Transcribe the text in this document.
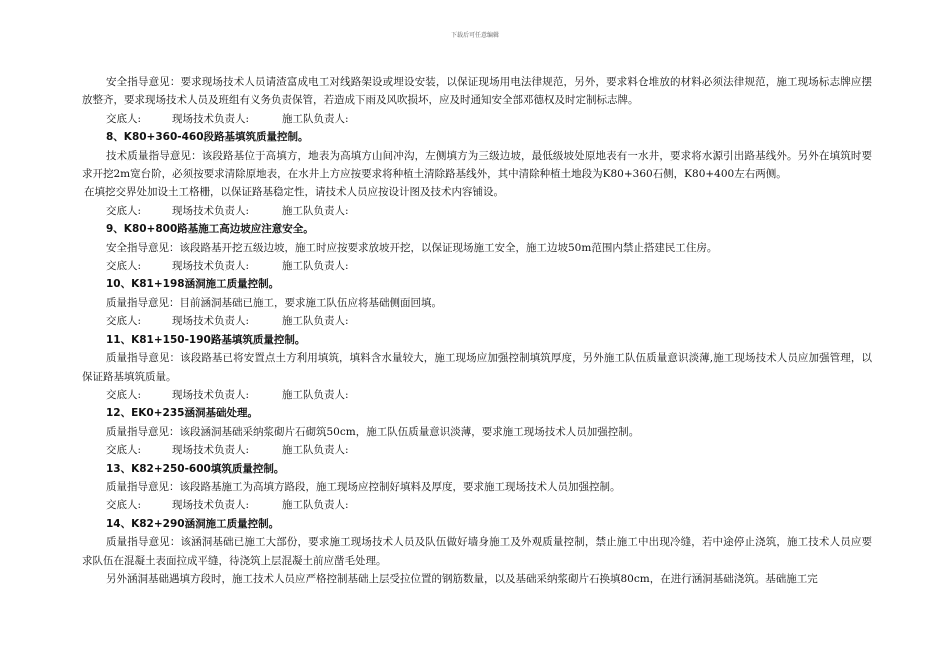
下载后可任意编辑

安全指导意见：要求现场技术人员请渣富成电工对线路架设或埋设安装，以保证现场用电法律规范，另外，要求料仓堆放的材料必须法律规范，施工现场标志牌应摆放整齐，要求现场技术人员及班组有义务负责保管，若造成下雨及风吹损坏，应及时通知安全部邓德权及时定制标志牌。

交底人:	现场技术负责人:	施工队负责人:

8、K80+360-460段路基填筑质量控制。

技术质量指导意见：该段路基位于高填方，地表为高填方山间冲沟，左侧填方为三级边坡，最低级坡处原地表有一水井，要求将水源引出路基线外。另外在填筑时要求开挖2m宽台阶，必须按要求清除原地表，在水井上方应按要求将种植土清除路基线外，其中清除种植土地段为K80+360石侧，K80+400左右两侧。

在填挖交界处加设土工格栅，以保证路基稳定性，请技术人员应按设计图及技术内容铺设。

交底人:	现场技术负责人:	施工队负责人:

9、K80+800路基施工高边坡应注意安全。

安全指导意见：该段路基开挖五级边坡，施工时应按要求放坡开挖，以保证现场施工安全，施工边坡50m范围内禁止搭建民工住房。

交底人:	现场技术负责人:	施工队负责人:

10、K81+198涵洞施工质量控制。

质量指导意见：目前涵洞基础已施工，要求施工队伍应将基础侧面回填。

交底人:	现场技术负责人:	施工队负责人:

11、K81+150-190路基填筑质量控制。

质量指导意见：该段路基已将安置点土方利用填筑，填料含水量较大，施工现场应加强控制填筑厚度，另外施工队伍质量意识淡薄,施工现场技术人员应加强管理，以保证路基填筑质量。

交底人:	现场技术负责人:	施工队负责人:

12、EK0+235涵洞基础处理。

质量指导意见：该段涵洞基础采纳浆砌片石砌筑50cm，施工队伍质量意识淡薄，要求施工现场技术人员加强控制。

交底人:	现场技术负责人:	施工队负责人:

13、K82+250-600填筑质量控制。

质量指导意见：该段路基施工为高填方路段，施工现场应控制好填料及厚度，要求施工现场技术人员加强控制。

交底人:	现场技术负责人:	施工队负责人:

14、K82+290涵洞施工质量控制。

质量指导意见：该涵洞基础已施工大部份，要求施工现场技术人员及队伍做好墙身施工及外观质量控制，禁止施工中出现冷缝，若中途停止浇筑，施工技术人员应要求队伍在混凝土表面拉成平缝，待浇筑上层混凝土前应凿毛处理。

另外涵洞基础遇填方段时，施工技术人员应严格控制基础上层受拉位置的钢筋数量，以及基础采纳浆砌片石换填80cm，在进行涵洞基础浇筑。基础施工完
